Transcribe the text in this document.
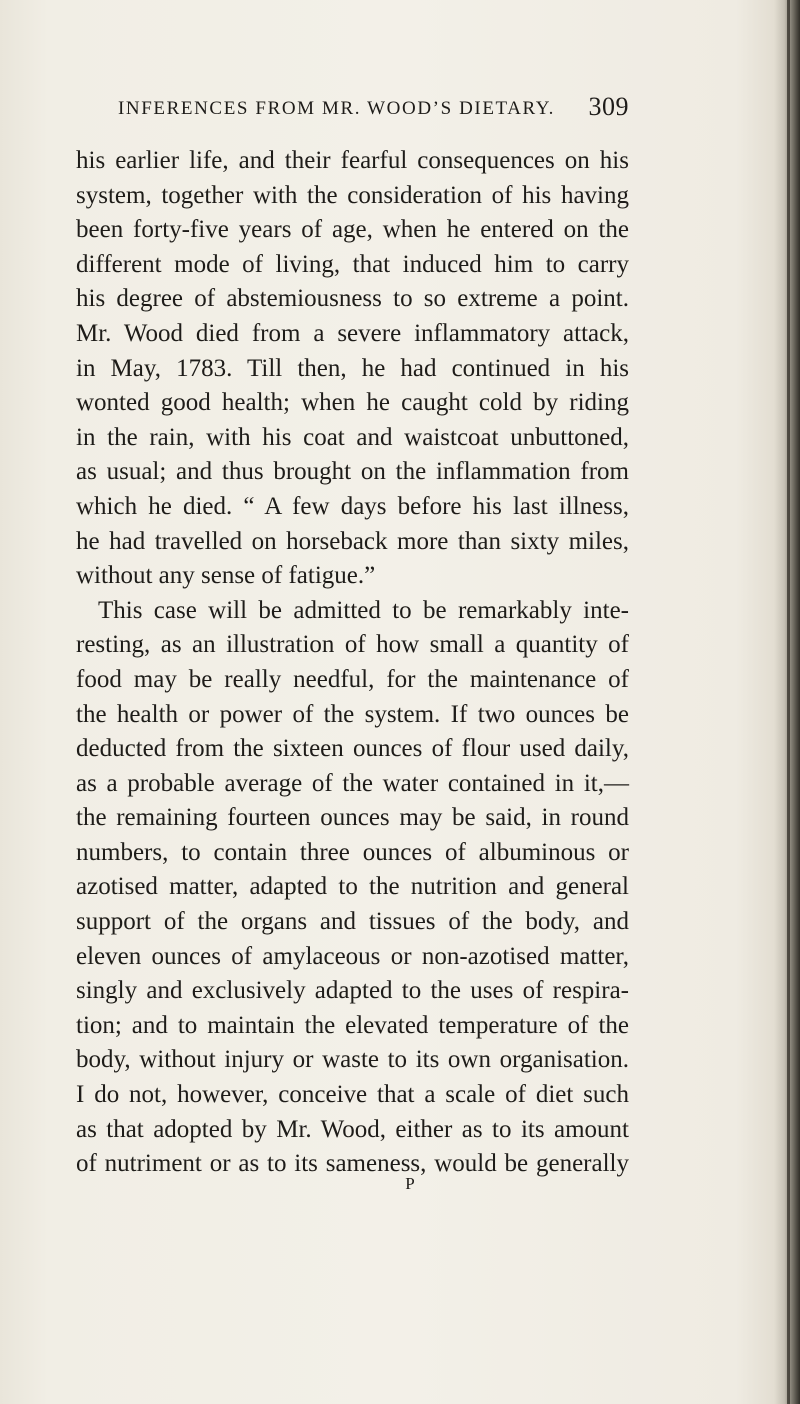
INFERENCES FROM MR. WOOD’S DIETARY. 309
his earlier life, and their fearful consequences on his
system, together with the consideration of his having
been forty-five years of age, when he entered on the
different mode of living, that induced him to carry
his degree of abstemiousness to so extreme a point.
Mr. Wood died from a severe inflammatory attack,
in May, 1783. Till then, he had continued in his
wonted good health; when he caught cold by riding
in the rain, with his coat and waistcoat unbuttoned,
as usual; and thus brought on the inflammation from
which he died. “ A few days before his last illness,
he had travelled on horseback more than sixty miles,
without any sense of fatigue.”
This case will be admitted to be remarkably inte-
resting, as an illustration of how small a quantity of
food may be really needful, for the maintenance of
the health or power of the system. If two ounces be
deducted from the sixteen ounces of flour used daily,
as a probable average of the water contained in it,—
the remaining fourteen ounces may be said, in round
numbers, to contain three ounces of albuminous or
azotised matter, adapted to the nutrition and general
support of the organs and tissues of the body, and
eleven ounces of amylaceous or non-azotised matter,
singly and exclusively adapted to the uses of respira-
tion; and to maintain the elevated temperature of the
body, without injury or waste to its own organisation.
I do not, however, conceive that a scale of diet such
as that adopted by Mr. Wood, either as to its amount
of nutriment or as to its sameness, would be generally
P
